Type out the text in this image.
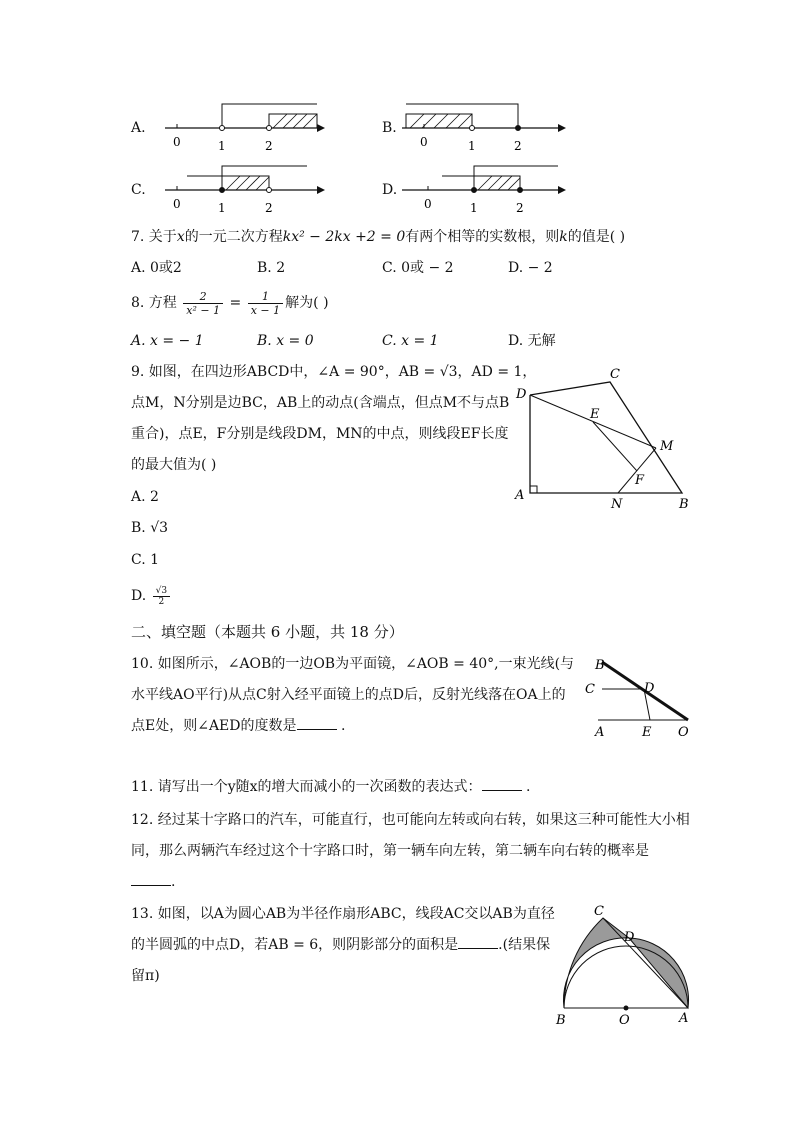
A.
0	1	2
B.
0	1	2
C.
0	1	2
D.
0	1	2
7. 关于x的一元二次方程kx² − 2kx +2 = 0有两个相等的实数根，则k的值是( )
A. 0或2	B. 2	C. 0或 − 2	D. − 2
8. 方程 $\frac{2}{\text{x² − 1}} = \frac{1}{x - 1}$ 解为( )
A. x = − 1	B. x = 0	C. x = 1	D. 无解
9. 如图，在四边形ABCD中，∠A = 90°，AB = √3，AD = 1，
点M，N分别是边BC，AB上的动点(含端点，但点M不与点B
重合)，点E，F分别是线段DM，MN的中点，则线段EF长度
的最大值为( )
A. 2
B. √3
C. 1
D. $\frac{√3}{2}$
D
C
E
M
F
A
N	B
二、填空题（本题共 6 小题，共 18 分）
10. 如图所示，∠AOB的一边OB为平面镜，∠AOB = 40°,一束光线(与
水平线AO平行)从点C射入经平面镜上的点D后，反射光线落在OA上的
点E处，则∠AED的度数是	.
B
C	D
A	E O
11. 请写出一个y随x的增大而减小的一次函数的表达式：	.
12. 经过某十字路口的汽车，可能直行，也可能向左转或向右转，如果这三种可能性大小相
同，那么两辆汽车经过这个十字路口时，第一辆车向左转，第二辆车向右转的概率是
.
13. 如图，以A为圆心AB为半径作扇形ABC，线段AC交以AB为直径
的半圆弧的中点D，若AB = 6，则阴影部分的面积是	.(结果保
留π)
C
D
B	O	A
